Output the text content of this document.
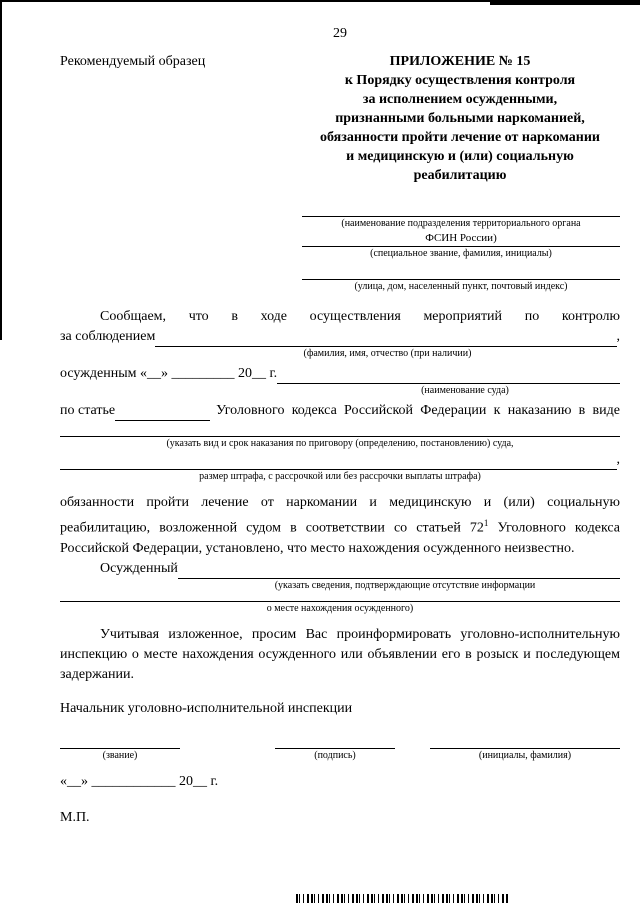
29
Рекомендуемый образец	ПРИЛОЖЕНИЕ № 15
к Порядку осуществления контроля
за исполнением осужденными,
признанными больными наркоманией,
обязанности пройти лечение от наркомании
и медицинскую и (или) социальную
реабилитацию
(наименование подразделения территориального органа
ФСИН России)
(специальное звание, фамилия, инициалы)
(улица, дом, населенный пункт, почтовый индекс)
Сообщаем, что в ходе осуществления мероприятий по контролю
за соблюдением	,
(фамилия, имя, отчество (при наличии)
осужденным «__» _________ 20__ г.
(наименование суда)
по статье	Уголовного кодекса Российской Федерации к наказанию в виде
(указать вид и срок наказания по приговору (определению, постановлению) суда,
,
размер штрафа, с рассрочкой или без рассрочки выплаты штрафа)

обязанности пройти лечение от наркомании и медицинскую и (или) социальную реабилитацию, возложенной судом в соответствии со статьей $72^1$ Уголовного кодекса Российской Федерации, установлено, что место нахождения осужденного неизвестно.

Осужденный
(указать сведения, подтверждающие отсутствие информации
о месте нахождения осужденного)

Учитывая изложенное, просим Вас проинформировать уголовно-исполнительную инспекцию о месте нахождения осужденного или объявлении его в розыск и последующем задержании.

Начальник уголовно-исполнительной инспекции
(звание)	(подпись)	(инициалы, фамилия)
«__» ____________ 20__ г.
М.П.
